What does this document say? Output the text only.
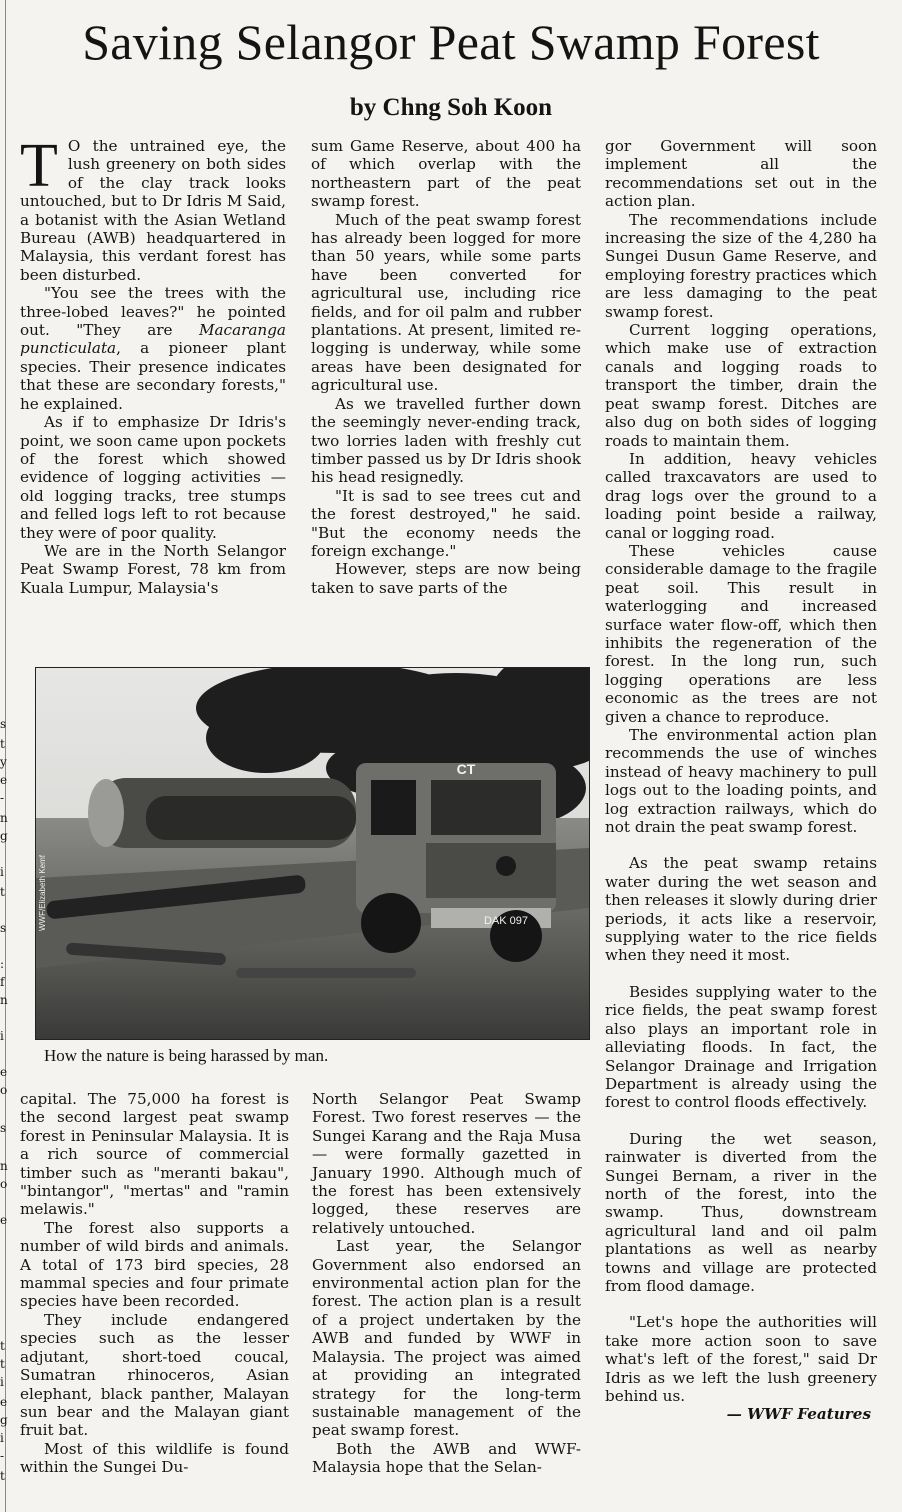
s
t
y
e
-
n
g
i
t
s
:
f
n
i
e
o
s
n
o
e
t
t
i
e
g
i
-
t
Saving Selangor Peat Swamp Forest
by Chng Soh Koon

T O the untrained eye, the lush greenery on both sides of the clay track looks untouched, but to Dr Idris M Said, a botanist with the Asian Wetland Bureau (AWB) headquartered in Malaysia, this verdant forest has been disturbed.

"You see the trees with the three-lobed leaves?" he pointed out. "They are Macaranga puncticulata, a pioneer plant species. Their presence indicates that these are secondary forests," he explained.

As if to emphasize Dr Idris's point, we soon came upon pockets of the forest which showed evidence of logging activities — old logging tracks, tree stumps and felled logs left to rot because they were of poor quality.

We are in the North Selangor Peat Swamp Forest, 78 km from Kuala Lumpur, Malaysia's

sum Game Reserve, about 400 ha of which overlap with the northeastern part of the peat swamp forest.

Much of the peat swamp forest has already been logged for more than 50 years, while some parts have been converted for agricultural use, including rice fields, and for oil palm and rubber plantations. At present, limited re-logging is underway, while some areas have been designated for agricultural use.

As we travelled further down the seemingly never-ending track, two lorries laden with freshly cut timber passed us by Dr Idris shook his head resignedly.

"It is sad to see trees cut and the forest destroyed," he said. "But the economy needs the foreign exchange."

However, steps are now being taken to save parts of the

gor Government will soon implement all the recommendations set out in the action plan.

The recommendations include increasing the size of the 4,280 ha Sungei Dusun Game Reserve, and employing forestry practices which are less damaging to the peat swamp forest.

Current logging operations, which make use of extraction canals and logging roads to transport the timber, drain the peat swamp forest. Ditches are also dug on both sides of logging roads to maintain them.

In addition, heavy vehicles called traxcavators are used to drag logs over the ground to a loading point beside a railway, canal or logging road.

These vehicles cause considerable damage to the fragile peat soil. This result in waterlogging and increased surface water flow-off, which then inhibits the regeneration of the forest. In the long run, such logging operations are less economic as the trees are not given a chance to reproduce.

The environmental action plan recommends the use of winches instead of heavy machinery to pull logs out to the loading points, and log extraction railways, which do not drain the peat swamp forest.

As the peat swamp retains water during the wet season and then releases it slowly during drier periods, it acts like a reservoir, supplying water to the rice fields when they need it most.

Besides supplying water to the rice fields, the peat swamp forest also plays an important role in alleviating floods. In fact, the Selangor Drainage and Irrigation Department is already using the forest to control floods effectively.

During the wet season, rainwater is diverted from the Sungei Bernam, a river in the north of the forest, into the swamp. Thus, downstream agricultural land and oil palm plantations as well as nearby towns and village are protected from flood damage.

"Let's hope the authorities will take more action soon to save what's left of the forest," said Dr Idris as we left the lush greenery behind us.

— WWF Features

CT
DAK 097
WWF/Elizabeth Kemf
How the nature is being harassed by man.

capital. The 75,000 ha forest is the second largest peat swamp forest in Peninsular Malaysia. It is a rich source of commercial timber such as "meranti bakau", "bintangor", "mertas" and "ramin melawis."

The forest also supports a number of wild birds and animals. A total of 173 bird species, 28 mammal species and four primate species have been recorded.

They include endangered species such as the lesser adjutant, short-toed coucal, Sumatran rhinoceros, Asian elephant, black panther, Malayan sun bear and the Malayan giant fruit bat.

Most of this wildlife is found within the Sungei Du-

North Selangor Peat Swamp Forest. Two forest reserves — the Sungei Karang and the Raja Musa — were formally gazetted in January 1990. Although much of the forest has been extensively logged, these reserves are relatively untouched.

Last year, the Selangor Government also endorsed an environmental action plan for the forest. The action plan is a result of a project undertaken by the AWB and funded by WWF in Malaysia. The project was aimed at providing an integrated strategy for the long-term sustainable management of the peat swamp forest.

Both the AWB and WWF-Malaysia hope that the Selan-
